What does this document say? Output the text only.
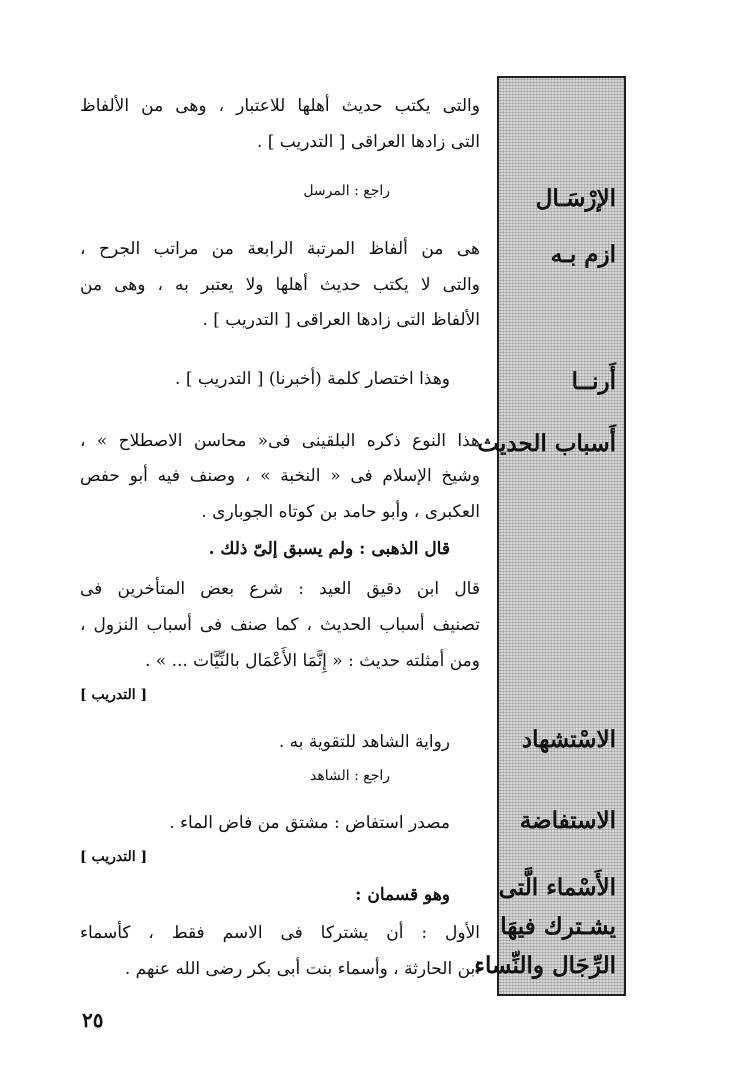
الإرْسَـال
ازم بـه
أَرنــا
أَسباب الحديث
الاسْتشهاد
الاستفاضة
الأَسْماء الَّتى
يشـترك فيهَا
الرِّجَال والنِّساء
والتى يكتب حديث أهلها للاعتبار ، وهى من الألفاظ
التى زادها العراقى [ التدريب ] .
راجع : المرسل
هى من ألفاظ المرتبة الرابعة من مراتب الجرح ،
والتى لا يكتب حديث أهلها ولا يعتبر به ، وهى من
الألفاظ التى زادها العراقى [ التدريب ] .
وهذا اختصار كلمة (أخبرنا) [ التدريب ] .
هذا النوع ذكره البلقينى فى« محاسن الاصطلاح » ،
وشيخ الإسلام فى « النخبة » ، وصنف فيه أبو حفص
العكبرى ، وأبو حامد بن كوتاه الجوبارى .
قال الذهبى : ولم يسبق إلىّ ذلك .
قال ابن دقيق العيد : شرع بعض المتأخرين فى
تصنيف أسباب الحديث ، كما صنف فى أسباب النزول ،
ومن أمثلته حديث : « إِنَّمَا الأَعْمَال بالنِّيَّات ... » .
[ التدريب ]
رواية الشاهد للتقوية به .
راجع : الشاهد
مصدر استفاض : مشتق من فاض الماء .
[ التدريب ]
وهو قسمان :
الأول : أن يشتركا فى الاسم فقط ، كأسماء
ابن الحارثة ، وأسماء بنت أبى بكر رضى الله عنهم .
٢٥
